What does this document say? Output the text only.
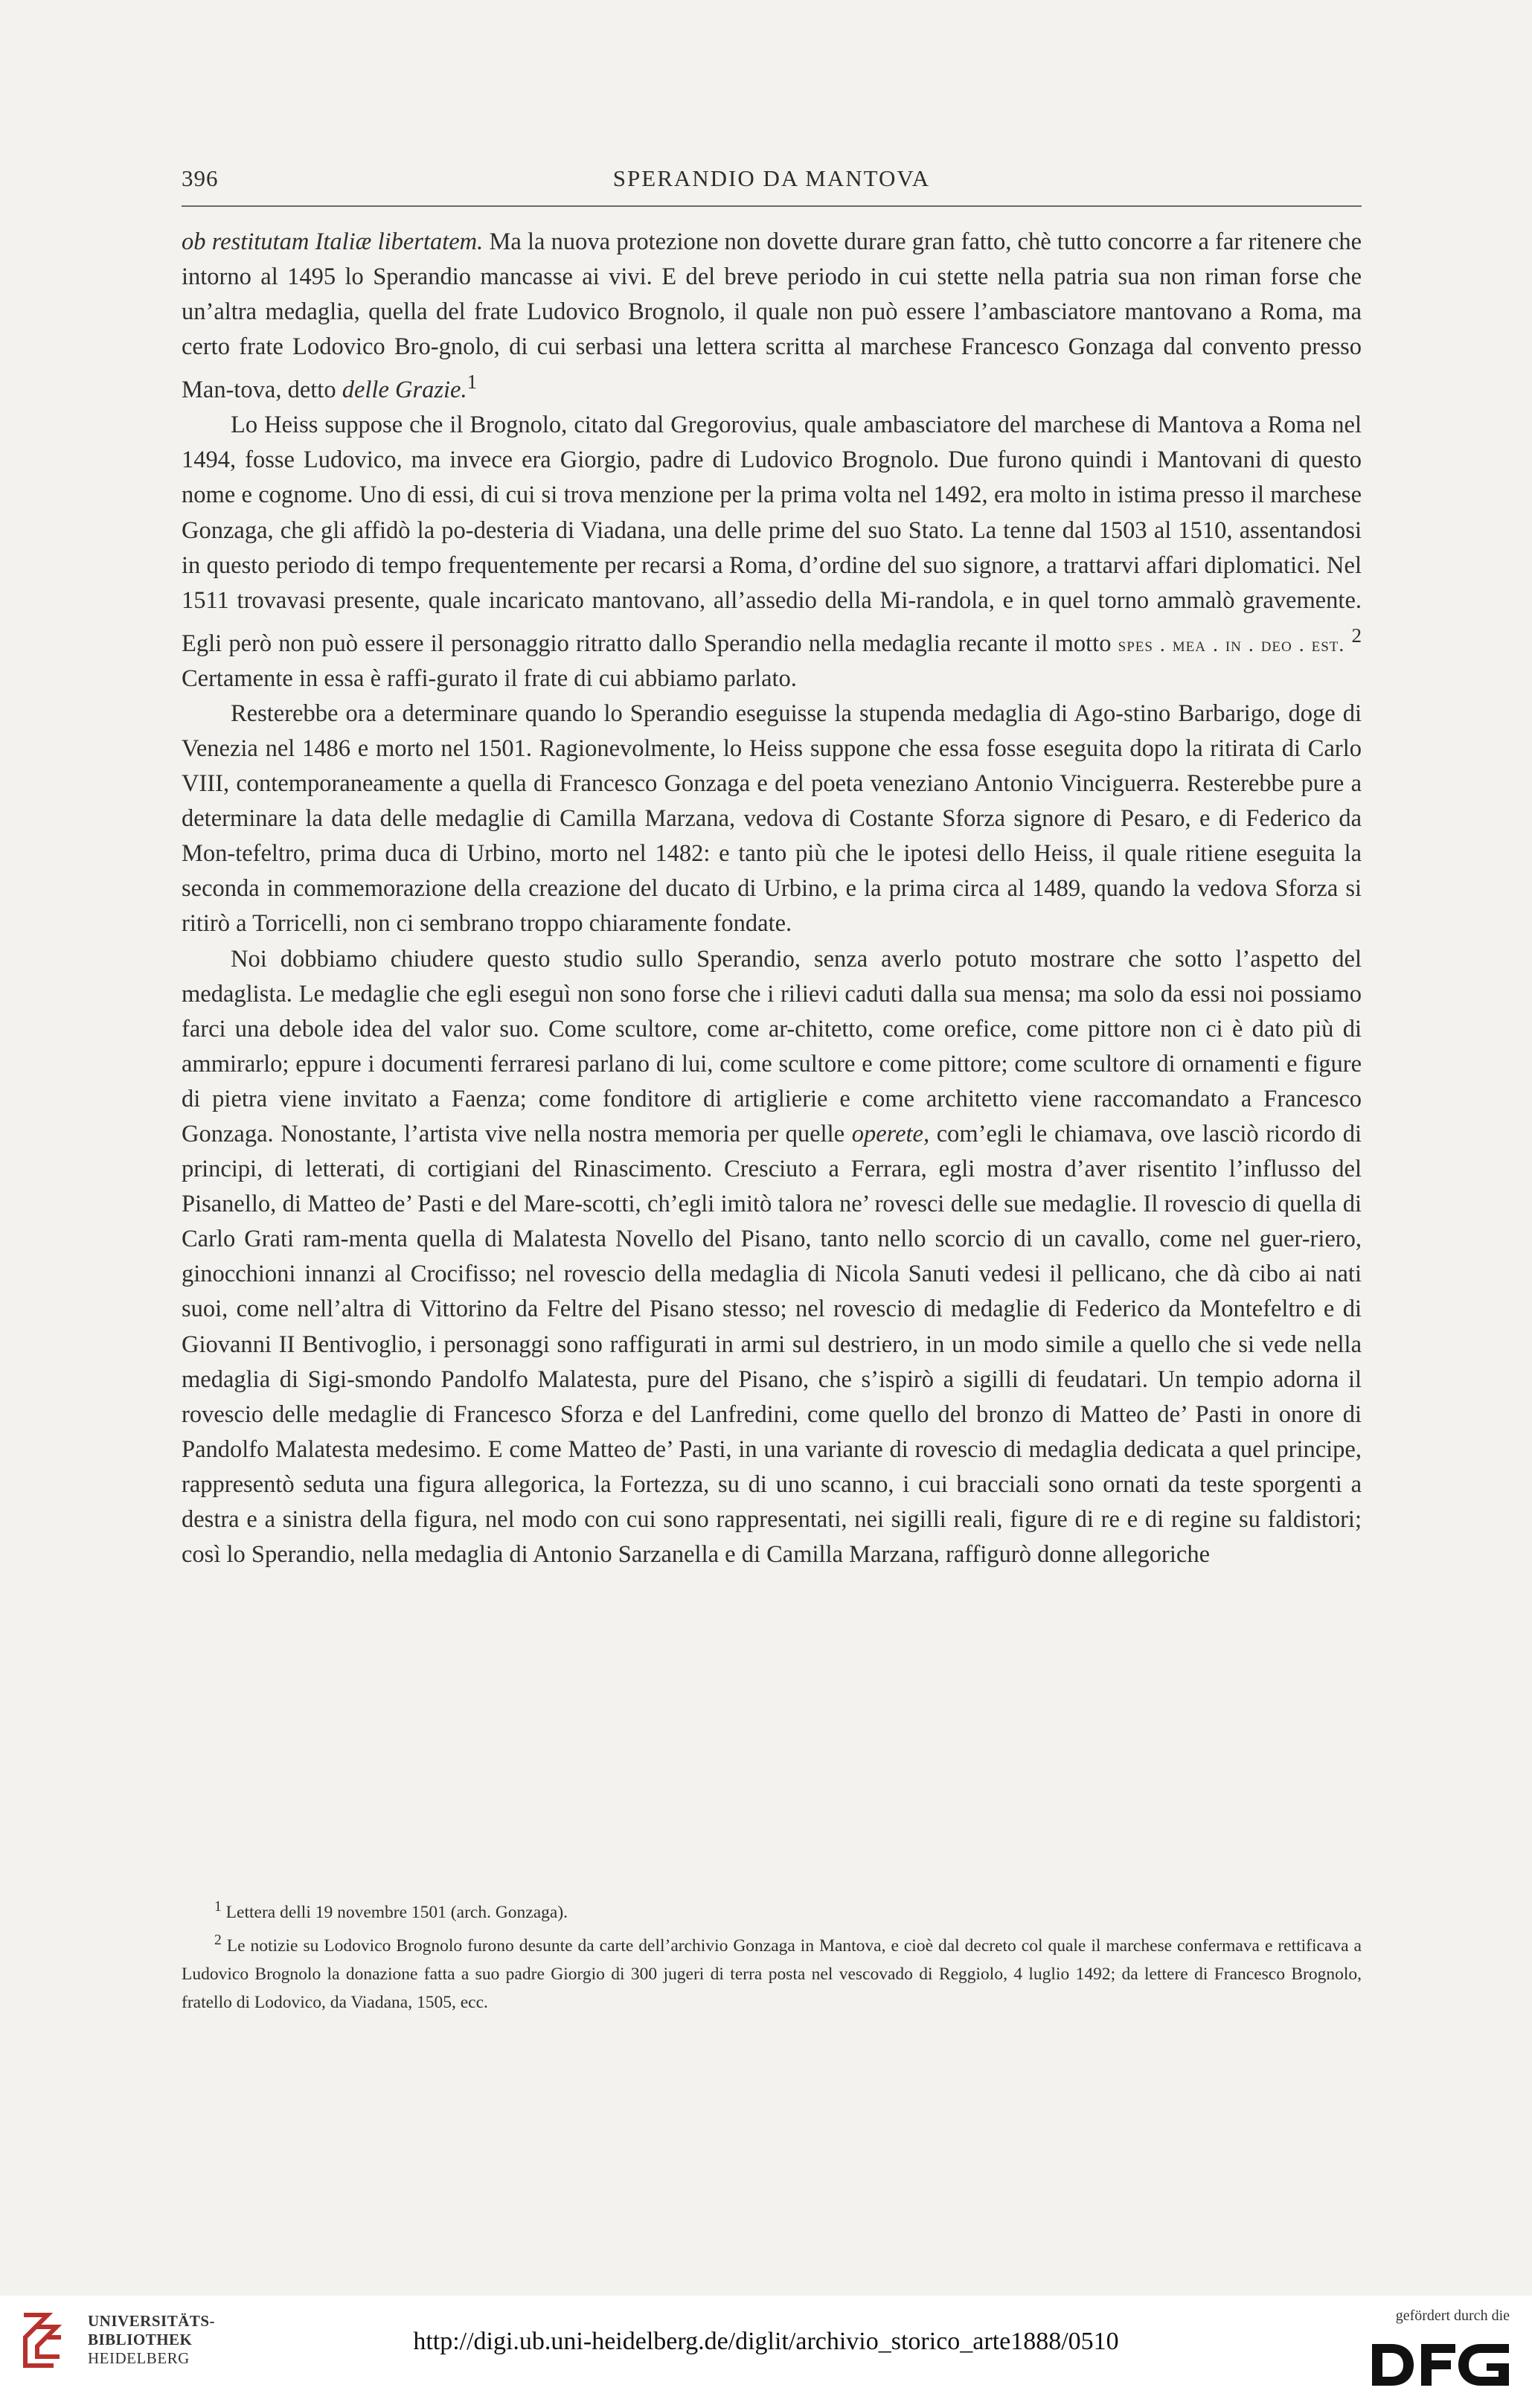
396	SPERANDIO DA MANTOVA

ob restitutam Italiæ libertatem. Ma la nuova protezione non dovette durare gran fatto, chè tutto concorre a far ritenere che intorno al 1495 lo Sperandio mancasse ai vivi. E del breve periodo in cui stette nella patria sua non riman forse che un’altra medaglia, quella del frate Ludovico Brognolo, il quale non può essere l’ambasciatore mantovano a Roma, ma certo frate Lodovico Bro-gnolo, di cui serbasi una lettera scritta al marchese Francesco Gonzaga dal convento presso Man-tova, detto delle Grazie.$^1$

Lo Heiss suppose che il Brognolo, citato dal Gregorovius, quale ambasciatore del marchese di Mantova a Roma nel 1494, fosse Ludovico, ma invece era Giorgio, padre di Ludovico Brognolo. Due furono quindi i Mantovani di questo nome e cognome. Uno di essi, di cui si trova menzione per la prima volta nel 1492, era molto in istima presso il marchese Gonzaga, che gli affidò la po-desteria di Viadana, una delle prime del suo Stato. La tenne dal 1503 al 1510, assentandosi in questo periodo di tempo frequentemente per recarsi a Roma, d’ordine del suo signore, a trattarvi affari diplomatici. Nel 1511 trovavasi presente, quale incaricato mantovano, all’assedio della Mi-randola, e in quel torno ammalò gravemente. Egli però non può essere il personaggio ritratto dallo Sperandio nella medaglia recante il motto spes . mea . in . deo . est. $^2$ Certamente in essa è raffi-gurato il frate di cui abbiamo parlato.

Resterebbe ora a determinare quando lo Sperandio eseguisse la stupenda medaglia di Ago-stino Barbarigo, doge di Venezia nel 1486 e morto nel 1501. Ragionevolmente, lo Heiss suppone che essa fosse eseguita dopo la ritirata di Carlo VIII, contemporaneamente a quella di Francesco Gonzaga e del poeta veneziano Antonio Vinciguerra. Resterebbe pure a determinare la data delle medaglie di Camilla Marzana, vedova di Costante Sforza signore di Pesaro, e di Federico da Mon-tefeltro, prima duca di Urbino, morto nel 1482: e tanto più che le ipotesi dello Heiss, il quale ritiene eseguita la seconda in commemorazione della creazione del ducato di Urbino, e la prima circa al 1489, quando la vedova Sforza si ritirò a Torricelli, non ci sembrano troppo chiaramente fondate.

Noi dobbiamo chiudere questo studio sullo Sperandio, senza averlo potuto mostrare che sotto l’aspetto del medaglista. Le medaglie che egli eseguì non sono forse che i rilievi caduti dalla sua mensa; ma solo da essi noi possiamo farci una debole idea del valor suo. Come scultore, come ar-chitetto, come orefice, come pittore non ci è dato più di ammirarlo; eppure i documenti ferraresi parlano di lui, come scultore e come pittore; come scultore di ornamenti e figure di pietra viene invitato a Faenza; come fonditore di artiglierie e come architetto viene raccomandato a Francesco Gonzaga. Nonostante, l’artista vive nella nostra memoria per quelle operete, com’egli le chiamava, ove lasciò ricordo di principi, di letterati, di cortigiani del Rinascimento. Cresciuto a Ferrara, egli mostra d’aver risentito l’influsso del Pisanello, di Matteo de’ Pasti e del Mare-scotti, ch’egli imitò talora ne’ rovesci delle sue medaglie. Il rovescio di quella di Carlo Grati ram-menta quella di Malatesta Novello del Pisano, tanto nello scorcio di un cavallo, come nel guer-riero, ginocchioni innanzi al Crocifisso; nel rovescio della medaglia di Nicola Sanuti vedesi il pellicano, che dà cibo ai nati suoi, come nell’altra di Vittorino da Feltre del Pisano stesso; nel rovescio di medaglie di Federico da Montefeltro e di Giovanni II Bentivoglio, i personaggi sono raffigurati in armi sul destriero, in un modo simile a quello che si vede nella medaglia di Sigi-smondo Pandolfo Malatesta, pure del Pisano, che s’ispirò a sigilli di feudatari. Un tempio adorna il rovescio delle medaglie di Francesco Sforza e del Lanfredini, come quello del bronzo di Matteo de’ Pasti in onore di Pandolfo Malatesta medesimo. E come Matteo de’ Pasti, in una variante di rovescio di medaglia dedicata a quel principe, rappresentò seduta una figura allegorica, la Fortezza, su di uno scanno, i cui bracciali sono ornati da teste sporgenti a destra e a sinistra della figura, nel modo con cui sono rappresentati, nei sigilli reali, figure di re e di regine su faldistori; così lo Sperandio, nella medaglia di Antonio Sarzanella e di Camilla Marzana, raffigurò donne allegoriche

$^1$ Lettera delli 19 novembre 1501 (arch. Gonzaga).

$^2$ Le notizie su Lodovico Brognolo furono desunte da carte dell’archivio Gonzaga in Mantova, e cioè dal decreto col quale il marchese confermava e rettificava a Ludovico Brognolo la donazione fatta a suo padre Giorgio di 300 jugeri di terra posta nel vescovado di Reggiolo, 4 luglio 1492; da lettere di Francesco Brognolo, fratello di Lodovico, da Viadana, 1505, ecc.

UNIVERSITÄTS-
BIBLIOTHEK
HEIDELBERG
http://digi.ub.uni-heidelberg.de/diglit/archivio_storico_arte1888/0510
gefördert durch die
